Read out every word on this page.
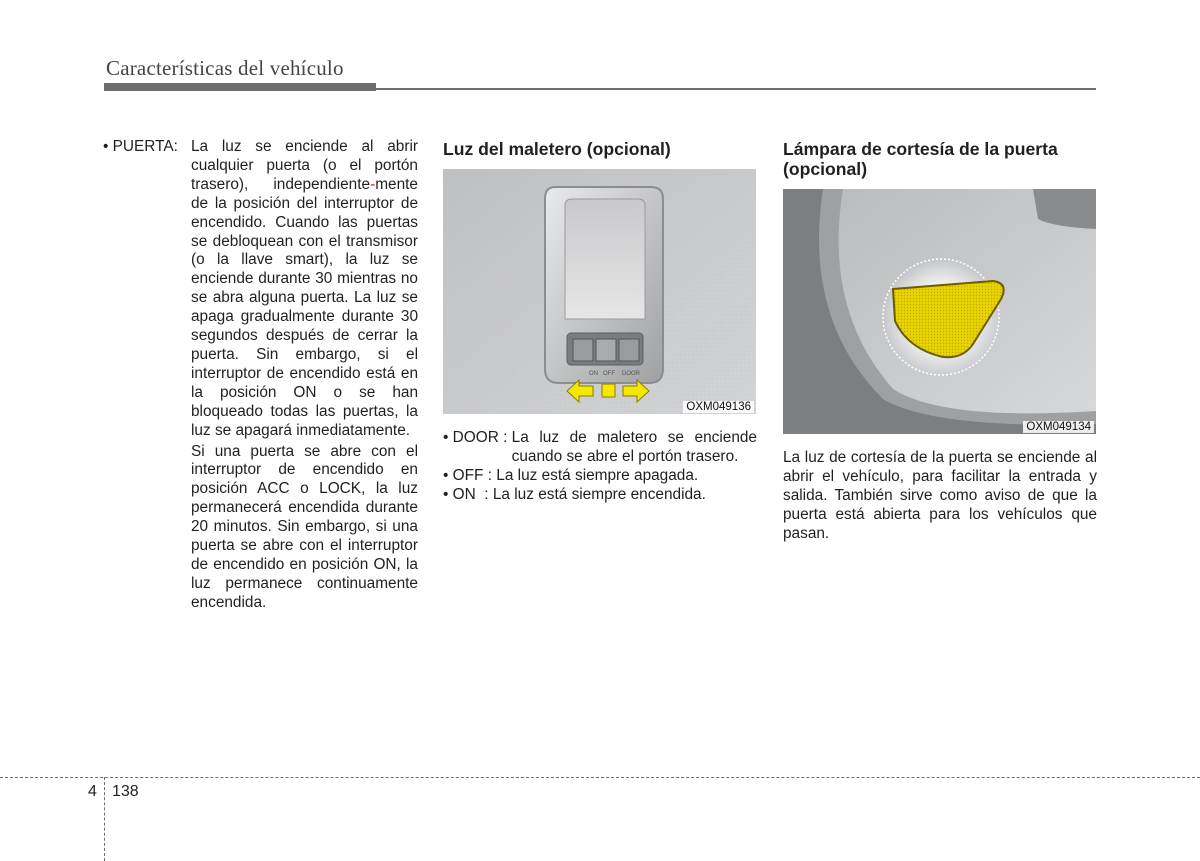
Características del vehículo
• PUERTA: La luz se enciende al abrir cualquier puerta (o el portón trasero), independiente-mente de la posición del interruptor de encendido. Cuando las puertas se debloquean con el transmisor (o la llave smart), la luz se enciende durante 30 mientras no se abra alguna puerta. La luz se apaga gradualmente durante 30 segundos después de cerrar la puerta. Sin embargo, si el interruptor de encendido está en la posición ON o se han bloqueado todas las puertas, la luz se apagará inmediatamente.

Si una puerta se abre con el interruptor de encendido en posición ACC o LOCK, la luz permanecerá encendida durante 20 minutos. Sin embargo, si una puerta se abre con el interruptor de encendido en posición ON, la luz permanece continuamente encendida.

Luz del maletero (opcional)
ON OFF DOOR
OXM049136
• DOOR : La luz de maletero se enciende cuando se abre el portón trasero.
• OFF : La luz está siempre apagada.
• ON  : La luz está siempre encendida.
Lámpara de cortesía de la puerta (opcional)
OXM049134
La luz de cortesía de la puerta se enciende al abrir el vehículo, para facilitar la entrada y salida. También sirve como aviso de que la puerta está abierta para los vehículos que pasan.
4 138
